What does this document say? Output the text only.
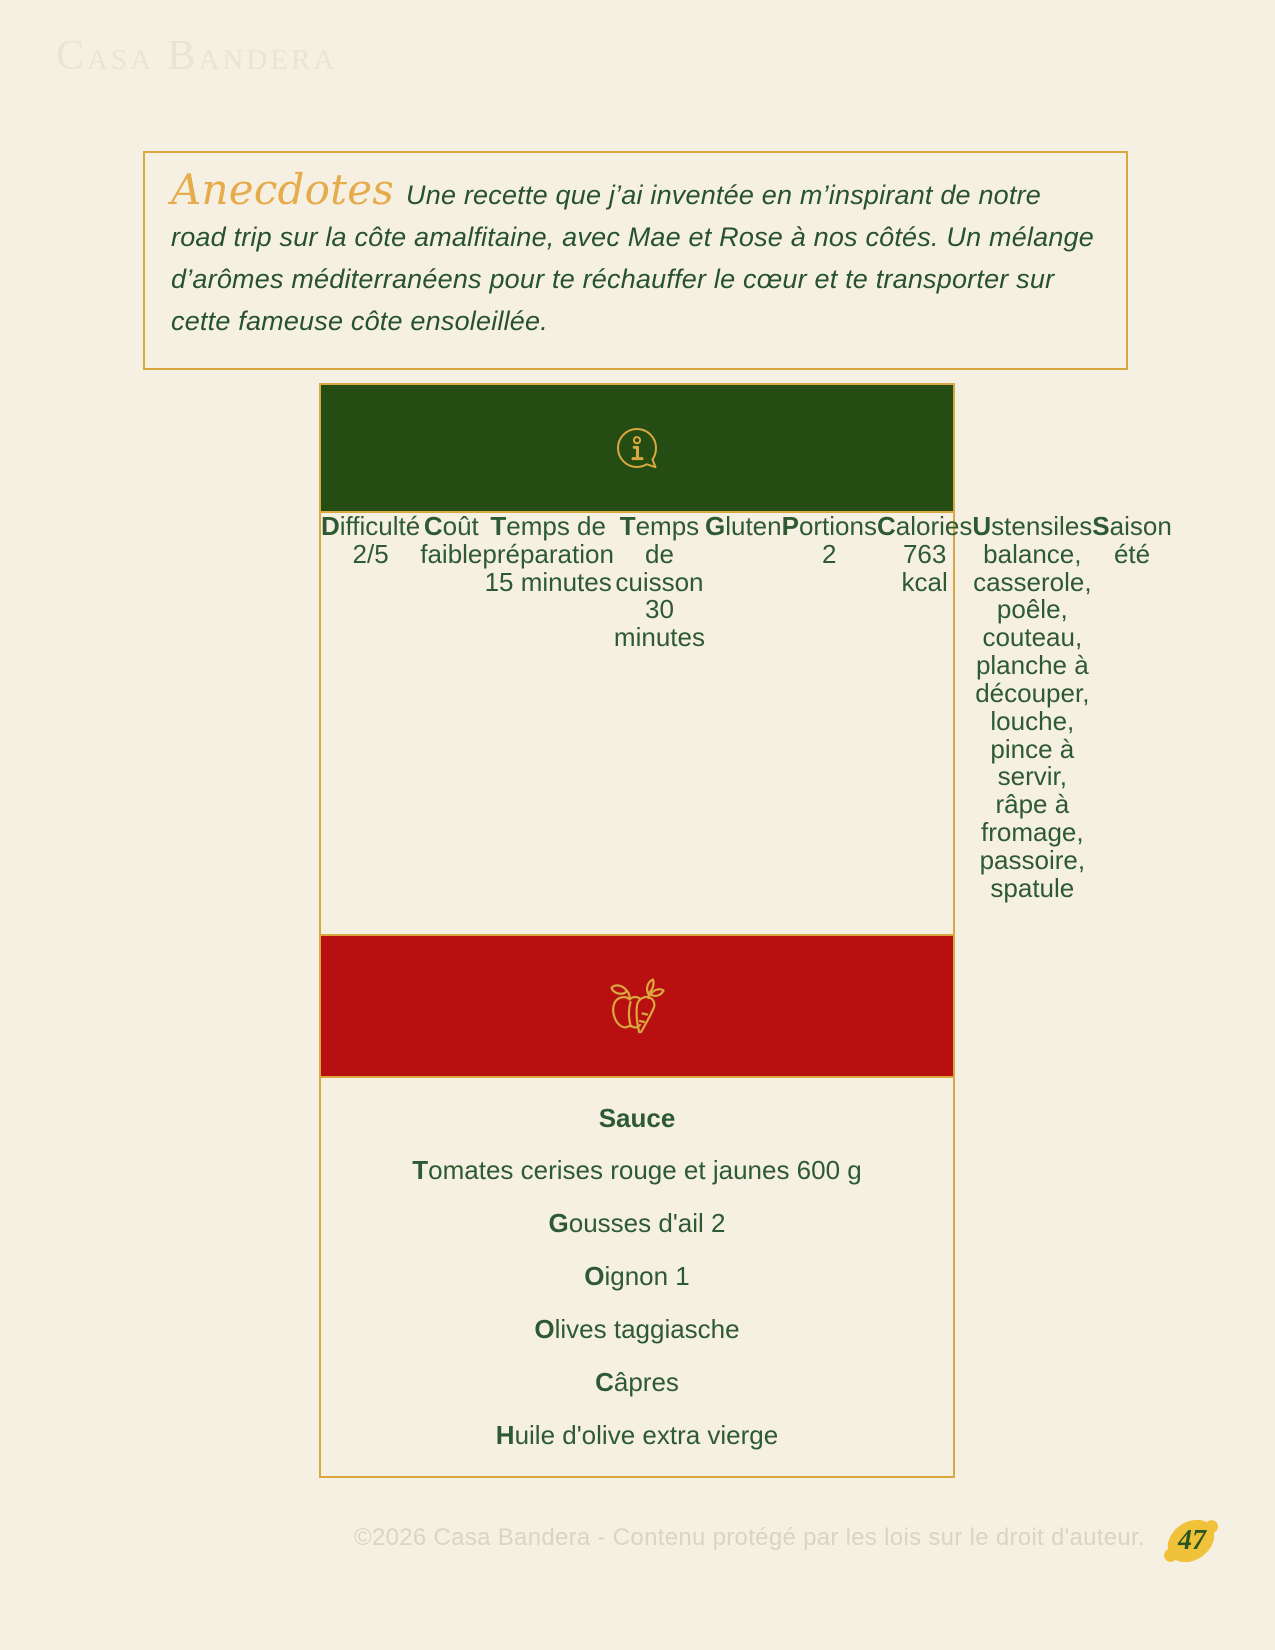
Casa Bandera

Anecdotes Une recette que j’ai inventée en m’inspirant de notre road trip sur la côte amalfitaine, avec Mae et Rose à nos côtés. Un mélange d’arômes méditerranéens pour te réchauffer le cœur et te transporter sur cette fameuse côte ensoleillée.

Difficulté 2/5

Coût faible

Temps de préparation 15 minutes

Temps de cuisson 30 minutes

Gluten Portions 2

Calories 763 kcal

Ustensiles balance, casserole, poêle, couteau, planche à découper, louche, pince à servir, râpe à fromage, passoire, spatule

Saison été

Sauce

Tomates cerises rouge et jaunes 600 g

Gousses d'ail 2

Oignon 1

Olives taggiasche

Câpres

Huile d'olive extra vierge

©2026 Casa Bandera - Contenu protégé par les lois sur le droit d'auteur.	47
